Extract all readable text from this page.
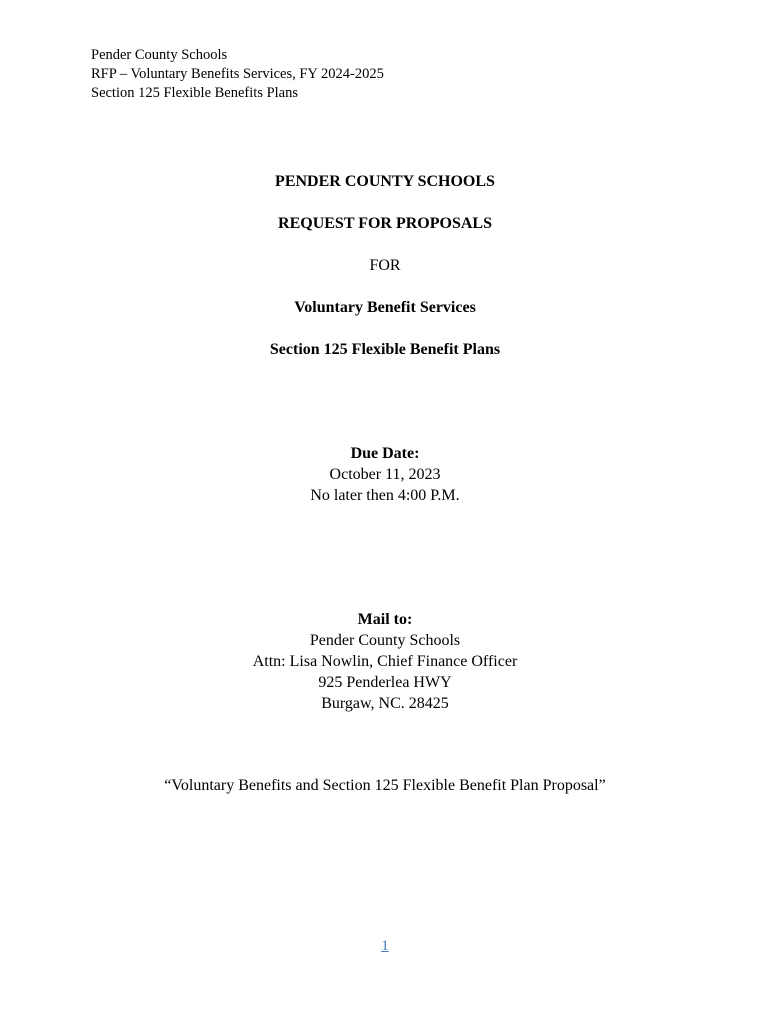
Pender County Schools
RFP – Voluntary Benefits Services, FY 2024-2025
Section 125 Flexible Benefits Plans
PENDER COUNTY SCHOOLS
REQUEST FOR PROPOSALS
FOR
Voluntary Benefit Services
Section 125 Flexible Benefit Plans
Due Date:
October 11, 2023
No later then 4:00 P.M.
Mail to:
Pender County Schools
Attn: Lisa Nowlin, Chief Finance Officer
925 Penderlea HWY
Burgaw, NC. 28425
“Voluntary Benefits and Section 125 Flexible Benefit Plan Proposal”
1
